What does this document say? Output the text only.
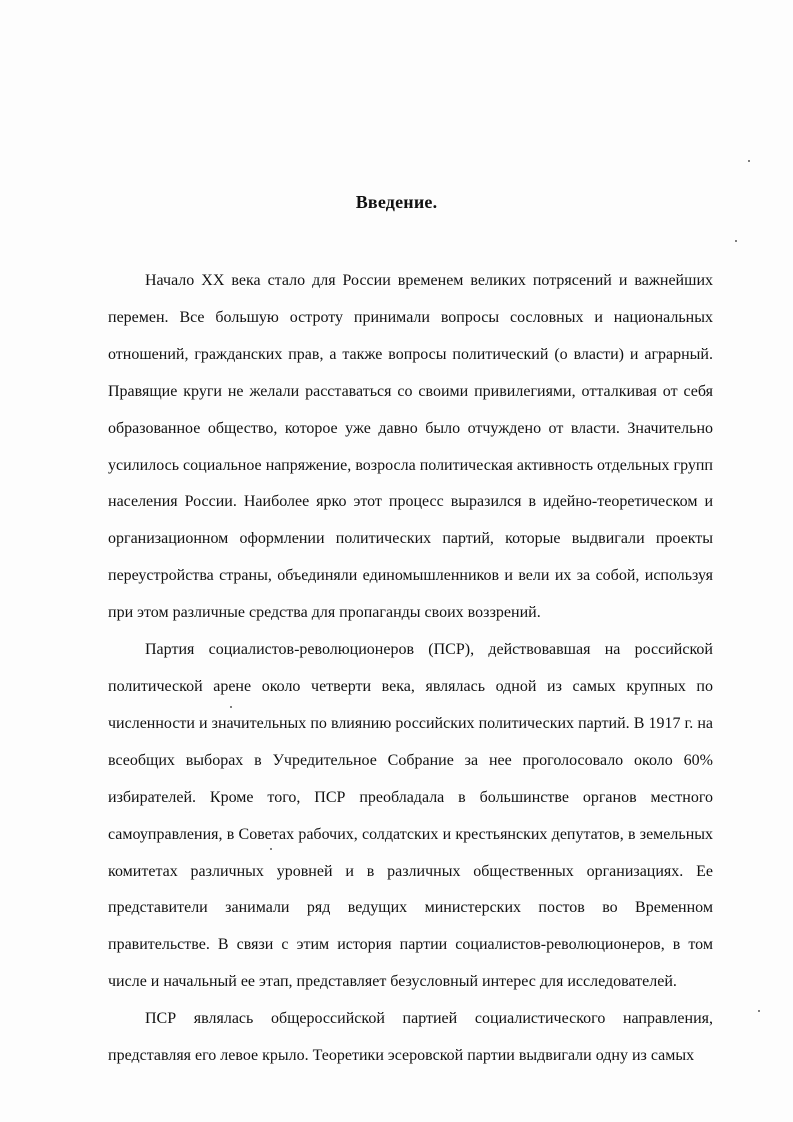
Введение.

Начало XX века стало для России временем великих потрясений и важнейших перемен. Все большую остроту принимали вопросы сословных и национальных отношений, гражданских прав, а также вопросы политический (о власти) и аграрный. Правящие круги не желали расставаться со своими привилегиями, отталкивая от себя образованное общество, которое уже давно было отчуждено от власти. Значительно усилилось социальное напряжение, возросла политическая активность отдельных групп населения России. Наиболее ярко этот процесс выразился в идейно-теоретическом и организационном оформлении политических партий, которые выдвигали проекты переустройства страны, объединяли единомышленников и вели их за собой, используя при этом различные средства для пропаганды своих воззрений.

Партия социалистов-революционеров (ПСР), действовавшая на российской политической арене около четверти века, являлась одной из самых крупных по численности и значительных по влиянию российских политических партий. В 1917 г. на всеобщих выборах в Учредительное Собрание за нее проголосовало около 60% избирателей. Кроме того, ПСР преобладала в большинстве органов местного самоуправления, в Советах рабочих, солдатских и крестьянских депутатов, в земельных комитетах различных уровней и в различных общественных организациях. Ее представители занимали ряд ведущих министерских постов во Временном правительстве. В связи с этим история партии социалистов-революционеров, в том числе и начальный ее этап, представляет безусловный интерес для исследователей.

ПСР являлась общероссийской партией социалистического направления, представляя его левое крыло. Теоретики эсеровской партии выдвигали одну из самых
